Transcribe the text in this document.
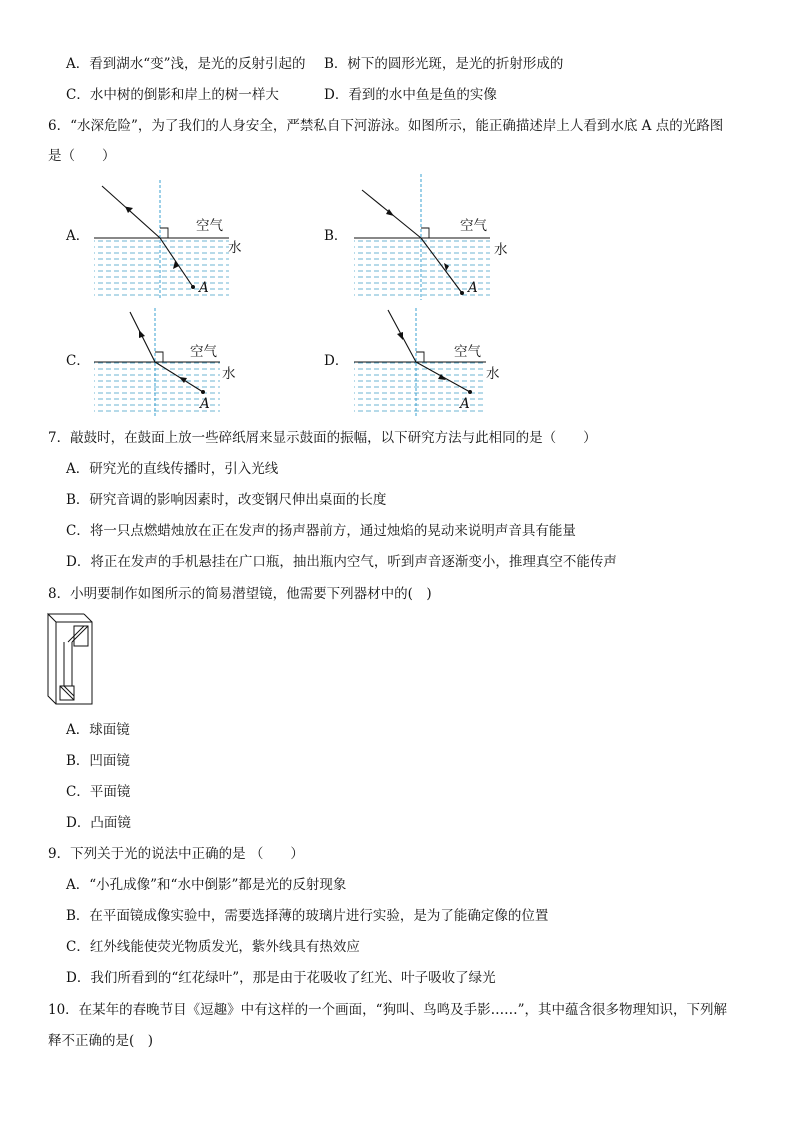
A．看到湖水“变”浅，是光的反射引起的 B．树下的圆形光斑，是光的折射形成的
C．水中树的倒影和岸上的树一样大	D．看到的水中鱼是鱼的实像
6．“水深危险”，为了我们的人身安全，严禁私自下河游泳。如图所示，能正确描述岸上人看到水底 A 点的光路图
是（　　）
A．
空气
水
A
B．
空气
水
A
C．
空气
水
A
D．
空气
水
A
7．敲鼓时，在鼓面上放一些碎纸屑来显示鼓面的振幅，以下研究方法与此相同的是（　　）
A．研究光的直线传播时，引入光线
B．研究音调的影响因素时，改变钢尺伸出桌面的长度
C．将一只点燃蜡烛放在正在发声的扬声器前方，通过烛焰的晃动来说明声音具有能量
D．将正在发声的手机悬挂在广口瓶，抽出瓶内空气，听到声音逐渐变小，推理真空不能传声
8．小明要制作如图所示的简易潜望镜，他需要下列器材中的(　)
A．球面镜
B．凹面镜
C．平面镜
D．凸面镜
9．下列关于光的说法中正确的是 （　　）
A．“小孔成像”和“水中倒影”都是光的反射现象
B．在平面镜成像实验中，需要选择薄的玻璃片进行实验，是为了能确定像的位置
C．红外线能使荧光物质发光，紫外线具有热效应
D．我们所看到的“红花绿叶”，那是由于花吸收了红光、叶子吸收了绿光
10．在某年的春晚节目《逗趣》中有这样的一个画面，“狗叫、鸟鸣及手影……”，其中蕴含很多物理知识，下列解
释不正确的是(　)
